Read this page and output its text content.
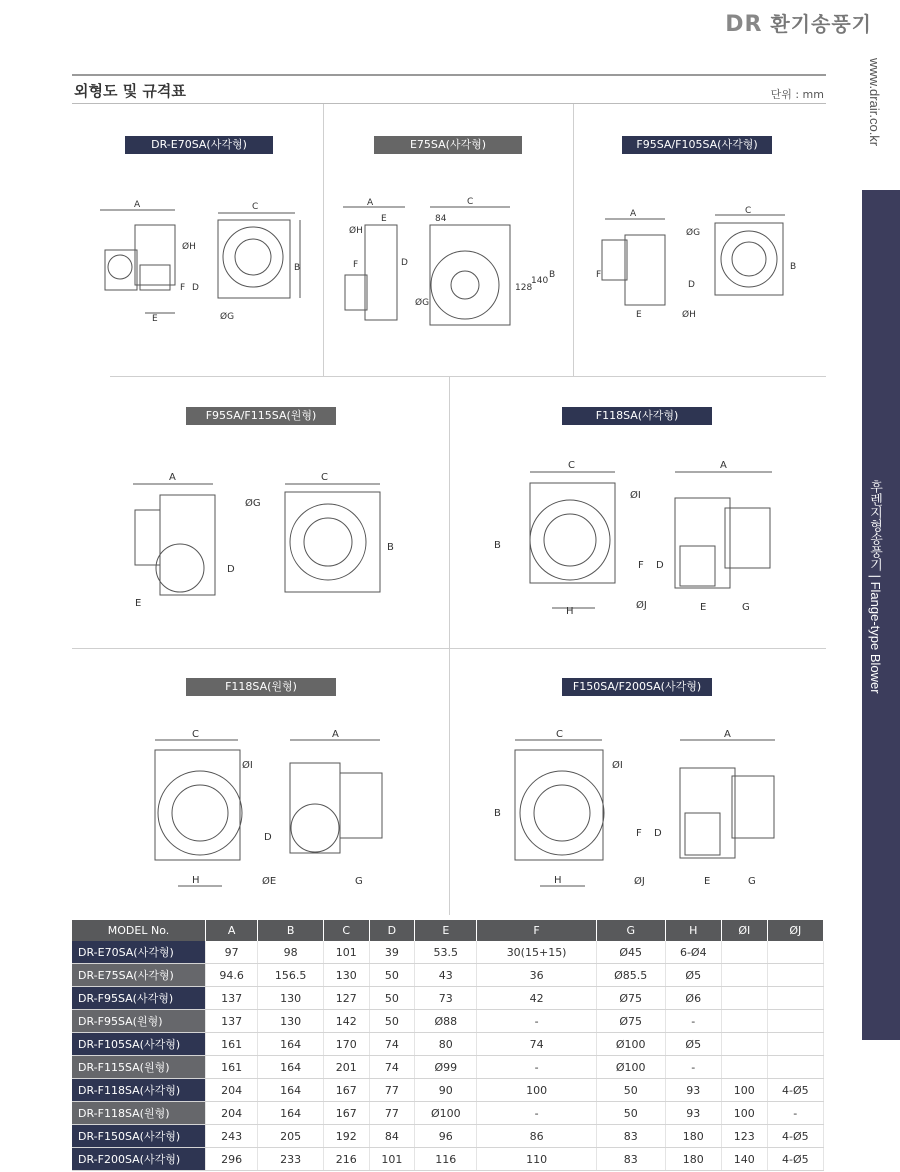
DR 환기송풍기
www.drair.co.kr
후렌지형송풍기 | Flange-type Blower
외형도 및 규격표	단위 : mm
DR-E70SA(사각형)	E75SA(사각형)	F95SA/F105SA(사각형)
F95SA/F115SA(원형)	F118SA(사각형)
F118SA(원형)	F150SA/F200SA(사각형)
A
E
ØH
F D
C
B
ØG
A
E
ØH
F	D
ØG
C
84
128
140
B
A
F
D
E	ØH
ØG
C
B
A
D
E
C
ØG
B
C
ØI
B
H
A
F D
ØJ	E	G
C
ØI
H
A
D
ØE	G
C
ØI
B
H
A
F D
ØJ	E	G
MODEL No.	A	B	C	D	E	F	G	H	ØI	ØJ
DR-E70SA(사각형)	97	98	101	39	53.5	30(15+15)	Ø45	6-Ø4		
DR-E75SA(사각형)	94.6	156.5	130	50	43	36	Ø85.5	Ø5		
DR-F95SA(사각형)	137	130	127	50	73	42	Ø75	Ø6		
DR-F95SA(원형)	137	130	142	50	Ø88	-	Ø75	-		
DR-F105SA(사각형)	161	164	170	74	80	74	Ø100	Ø5		
DR-F115SA(원형)	161	164	201	74	Ø99	-	Ø100	-		
DR-F118SA(사각형)	204	164	167	77	90	100	50	93	100	4-Ø5
DR-F118SA(원형)	204	164	167	77	Ø100	-	50	93	100	-
DR-F150SA(사각형)	243	205	192	84	96	86	83	180	123	4-Ø5
DR-F200SA(사각형)	296	233	216	101	116	110	83	180	140	4-Ø5
